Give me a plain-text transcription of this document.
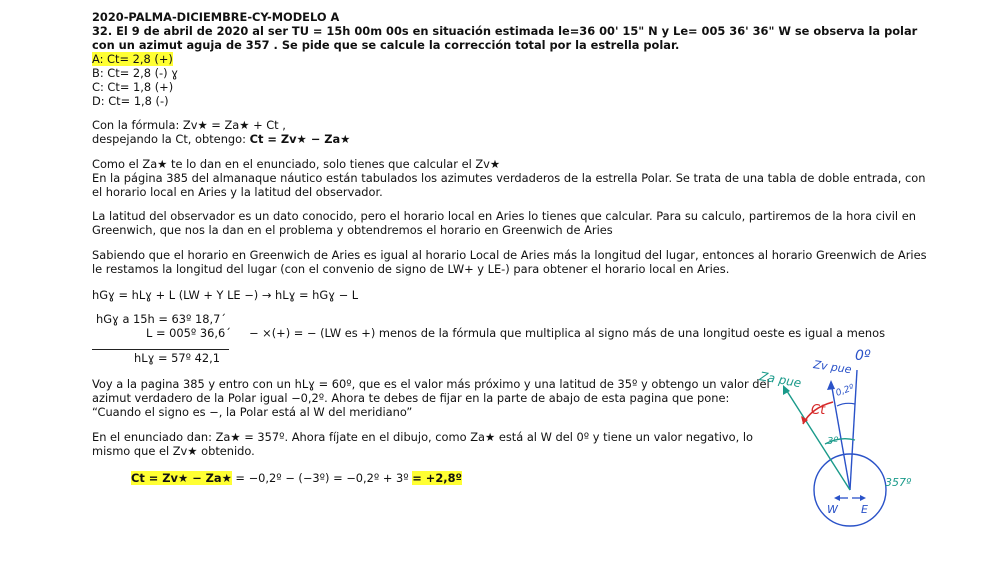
2020-PALMA-DICIEMBRE-CY-MODELO A
32. El 9 de abril de 2020 al ser TU = 15h 00m 00s en situación estimada le=36 00' 15" N y Le= 005 36' 36" W se observa la polar
con un azimut aguja de 357 . Se pide que se calcule la corrección total por la estrella polar.
A: Ct= 2,8 (+)
B: Ct= 2,8 (-) ɣ
C: Ct= 1,8 (+)
D: Ct= 1,8 (-)
Con la fórmula: Zv★ = Za★ + Ct ,
despejando la Ct, obtengo: Ct = Zv★ − Za★
Como el Za★ te lo dan en el enunciado, solo tienes que calcular el Zv★
En la página 385 del almanaque náutico están tabulados los azimutes verdaderos de la estrella Polar. Se trata de una tabla de doble entrada, con
el horario local en Aries y la latitud del observador.
La latitud del observador es un dato conocido, pero el horario local en Aries lo tienes que calcular. Para su calculo, partiremos de la hora civil en
Greenwich, que nos la dan en el problema y obtendremos el horario en Greenwich de Aries
Sabiendo que el horario en Greenwich de Aries es igual al horario Local de Aries más la longitud del lugar, entonces al horario Greenwich de Aries
le restamos la longitud del lugar (con el convenio de signo de LW+ y LE-) para obtener el horario local en Aries.
hGɣ = hLɣ + L (LW + Y LE −) → hLɣ = hGɣ − L
hGɣ a 15h = 63º 18,7´
L = 005º 36,6´ − ×(+) = − (LW es +) menos de la fórmula que multiplica al signo más de una longitud oeste es igual a menos
hLɣ = 57º 42,1
Voy a la pagina 385 y entro con un hLɣ = 60º, que es el valor más próximo y una latitud de 35º y obtengo un valor del
azimut verdadero de la Polar igual −0,2º. Ahora te debes de fijar en la parte de abajo de esta pagina que pone:
“Cuando el signo es −, la Polar está al W del meridiano”
En el enunciado dan: Za★ = 357º. Ahora fíjate en el dibujo, como Za★ está al W del 0º y tiene un valor negativo, lo
mismo que el Zv★ obtenido.
Ct = Zv★ − Za★ = −0,2º − (−3º) = −0,2º + 3º = +2,8º
Za pue
Zv pue
0º
0,2º
Ct
3º
357º
W E
